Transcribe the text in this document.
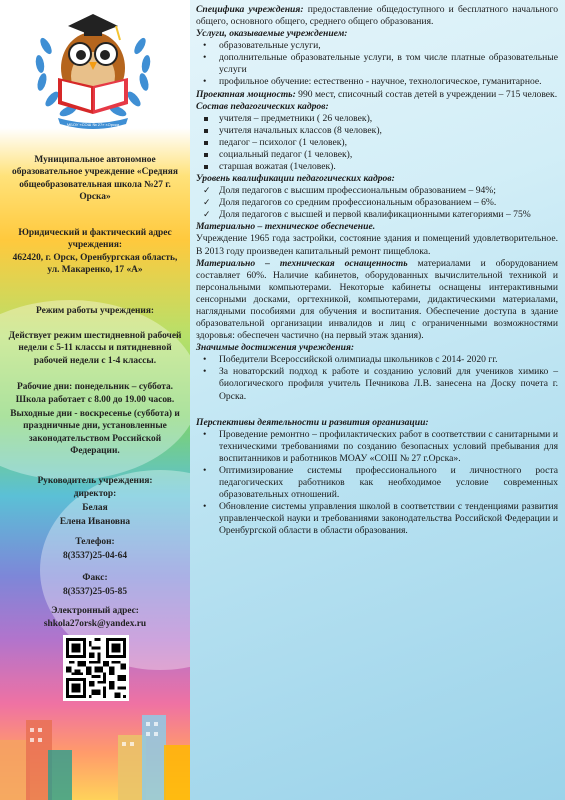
МБОУ «СОШ № 27» г.Орска
Муниципальное автономное образовательное учреждение «Средняя общеобразовательная школа №27 г. Орска»
Юридический и фактический адрес учреждения:
462420, г. Орск, Оренбургская область, ул. Макаренко, 17 «А»
Режим работы учреждения:
Действует режим шестидневной рабочей недели с 5-11 классы и пятидневной рабочей недели с 1-4 классы.
Рабочие дни: понедельник – суббота.
Школа работает с 8.00 до 19.00 часов.
Выходные дни - воскресенье (суббота) и праздничные дни, установленные законодательством Российской Федерации.
Руководитель учреждения:
директор:
Белая
Елена Ивановна
Телефон:
8(3537)25-04-64
Факс:
8(3537)25-05-85
Электронный адрес:
shkola27orsk@yandex.ru

Специфика учреждения: предоставление общедоступного и бесплатного начального общего, основного общего, среднего общего образования.

Услуги, оказываемые учреждением:

• образовательные услуги,
• дополнительные образовательные услуги, в том числе платные образовательные услуги
• профильное обучение: естественно - научное, технологическое, гуманитарное.

Проектная мощность: 990 мест, списочный состав детей в учреждении – 715 человек.

Состав педагогических кадров:

учителя – предметники ( 26 человек),
учителя начальных классов (8 человек),
педагог – психолог (1 человек),
социальный педагог (1 человек),
старшая вожатая (1человек).

Уровень квалификации педагогических кадров:

✓ Доля педагогов с высшим профессиональным образованием – 94%;
✓ Доля педагогов со средним профессиональным образованием – 6%.
✓ Доля педагогов с высшей и первой квалификационными категориями – 75%

Материально – техническое обеспечение.

Учреждение 1965 года застройки, состояние здания и помещений удовлетворительное. В 2013 году произведен капитальный ремонт пищеблока.

Материально – техническая оснащенность материалами и оборудованием составляет 60%. Наличие кабинетов, оборудованных вычислительной техникой и персональными компьютерами. Некоторые кабинеты оснащены интерактивными сенсорными досками, оргтехникой, компьютерами, дидактическими материалами, наглядными пособиями для обучения и воспитания. Обеспечение доступа в здание образовательной организации инвалидов и лиц с ограниченными возможностями здоровья: обеспечен частично (на первый этаж здания).

Значимые достижения учреждения:

• Победители Всероссийской олимпиады школьников с 2014- 2020 гг.
• За новаторский подход к работе и созданию условий для учеников химико – биологического профиля учитель Печникова Л.В. занесена на Доску почета г. Орска.

Перспективы деятельности и развития организации:

• Проведение ремонтно – профилактических работ в соответствии с санитарными и техническими требованиями по созданию безопасных условий пребывания для воспитанников и работников МОАУ «СОШ № 27 г.Орска».
• Оптимизирование системы профессионального и личностного роста педагогических работников как необходимое условие современных образовательных отношений.
• Обновление системы управления школой в соответствии с тенденциями развития управленческой науки и требованиями законодательства Российской Федерации и Оренбургской области в области образования.
